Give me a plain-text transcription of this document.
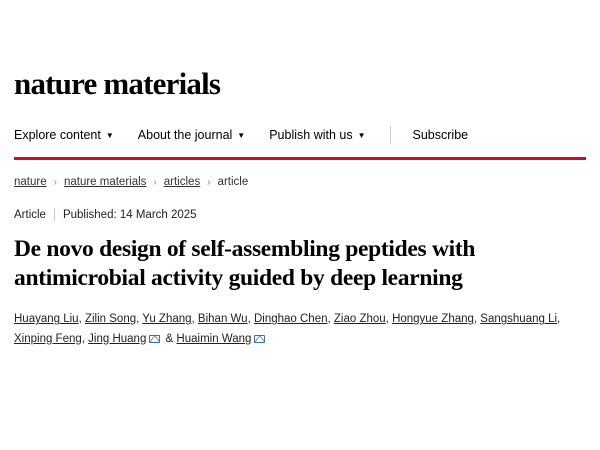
nature materials
Explore content ▼ About the journal ▼ Publish with us ▼	Subscribe
nature › nature materials › articles › article
Article Published: 14 March 2025
De novo design of self-assembling peptides with antimicrobial activity guided by deep learning
Huayang Liu, Zilin Song, Yu Zhang, Bihan Wu, Dinghao Chen, Ziao Zhou, Hongyue Zhang, Sangshuang Li, Xinping Feng, Jing Huang & Huaimin Wang
